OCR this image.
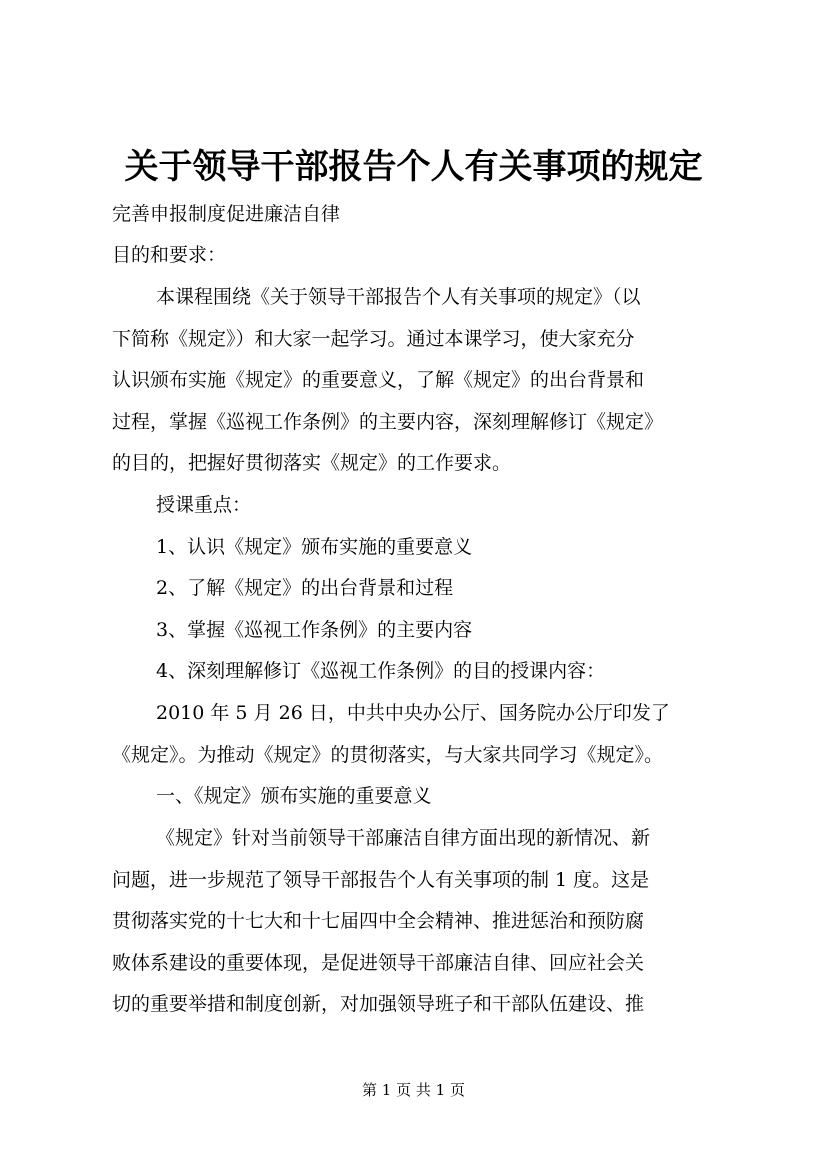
关于领导干部报告个人有关事项的规定
完善申报制度促进廉洁自律
目的和要求：
本课程围绕《关于领导干部报告个人有关事项的规定》（以
下简称《规定》）和大家一起学习。通过本课学习，使大家充分
认识颁布实施《规定》的重要意义，了解《规定》的出台背景和
过程，掌握《巡视工作条例》的主要内容，深刻理解修订《规定》
的目的，把握好贯彻落实《规定》的工作要求。
授课重点：
1、认识《规定》颁布实施的重要意义
2、了解《规定》的出台背景和过程
3、掌握《巡视工作条例》的主要内容
4、深刻理解修订《巡视工作条例》的目的授课内容：
2010 年 5 月 26 日，中共中央办公厅、国务院办公厅印发了
《规定》。为推动《规定》的贯彻落实，与大家共同学习《规定》。
一、《规定》颁布实施的重要意义
《规定》针对当前领导干部廉洁自律方面出现的新情况、新
问题，进一步规范了领导干部报告个人有关事项的制 1 度。这是
贯彻落实党的十七大和十七届四中全会精神、推进惩治和预防腐
败体系建设的重要体现，是促进领导干部廉洁自律、回应社会关
切的重要举措和制度创新，对加强领导班子和干部队伍建设、推
第 1 页 共 1 页
